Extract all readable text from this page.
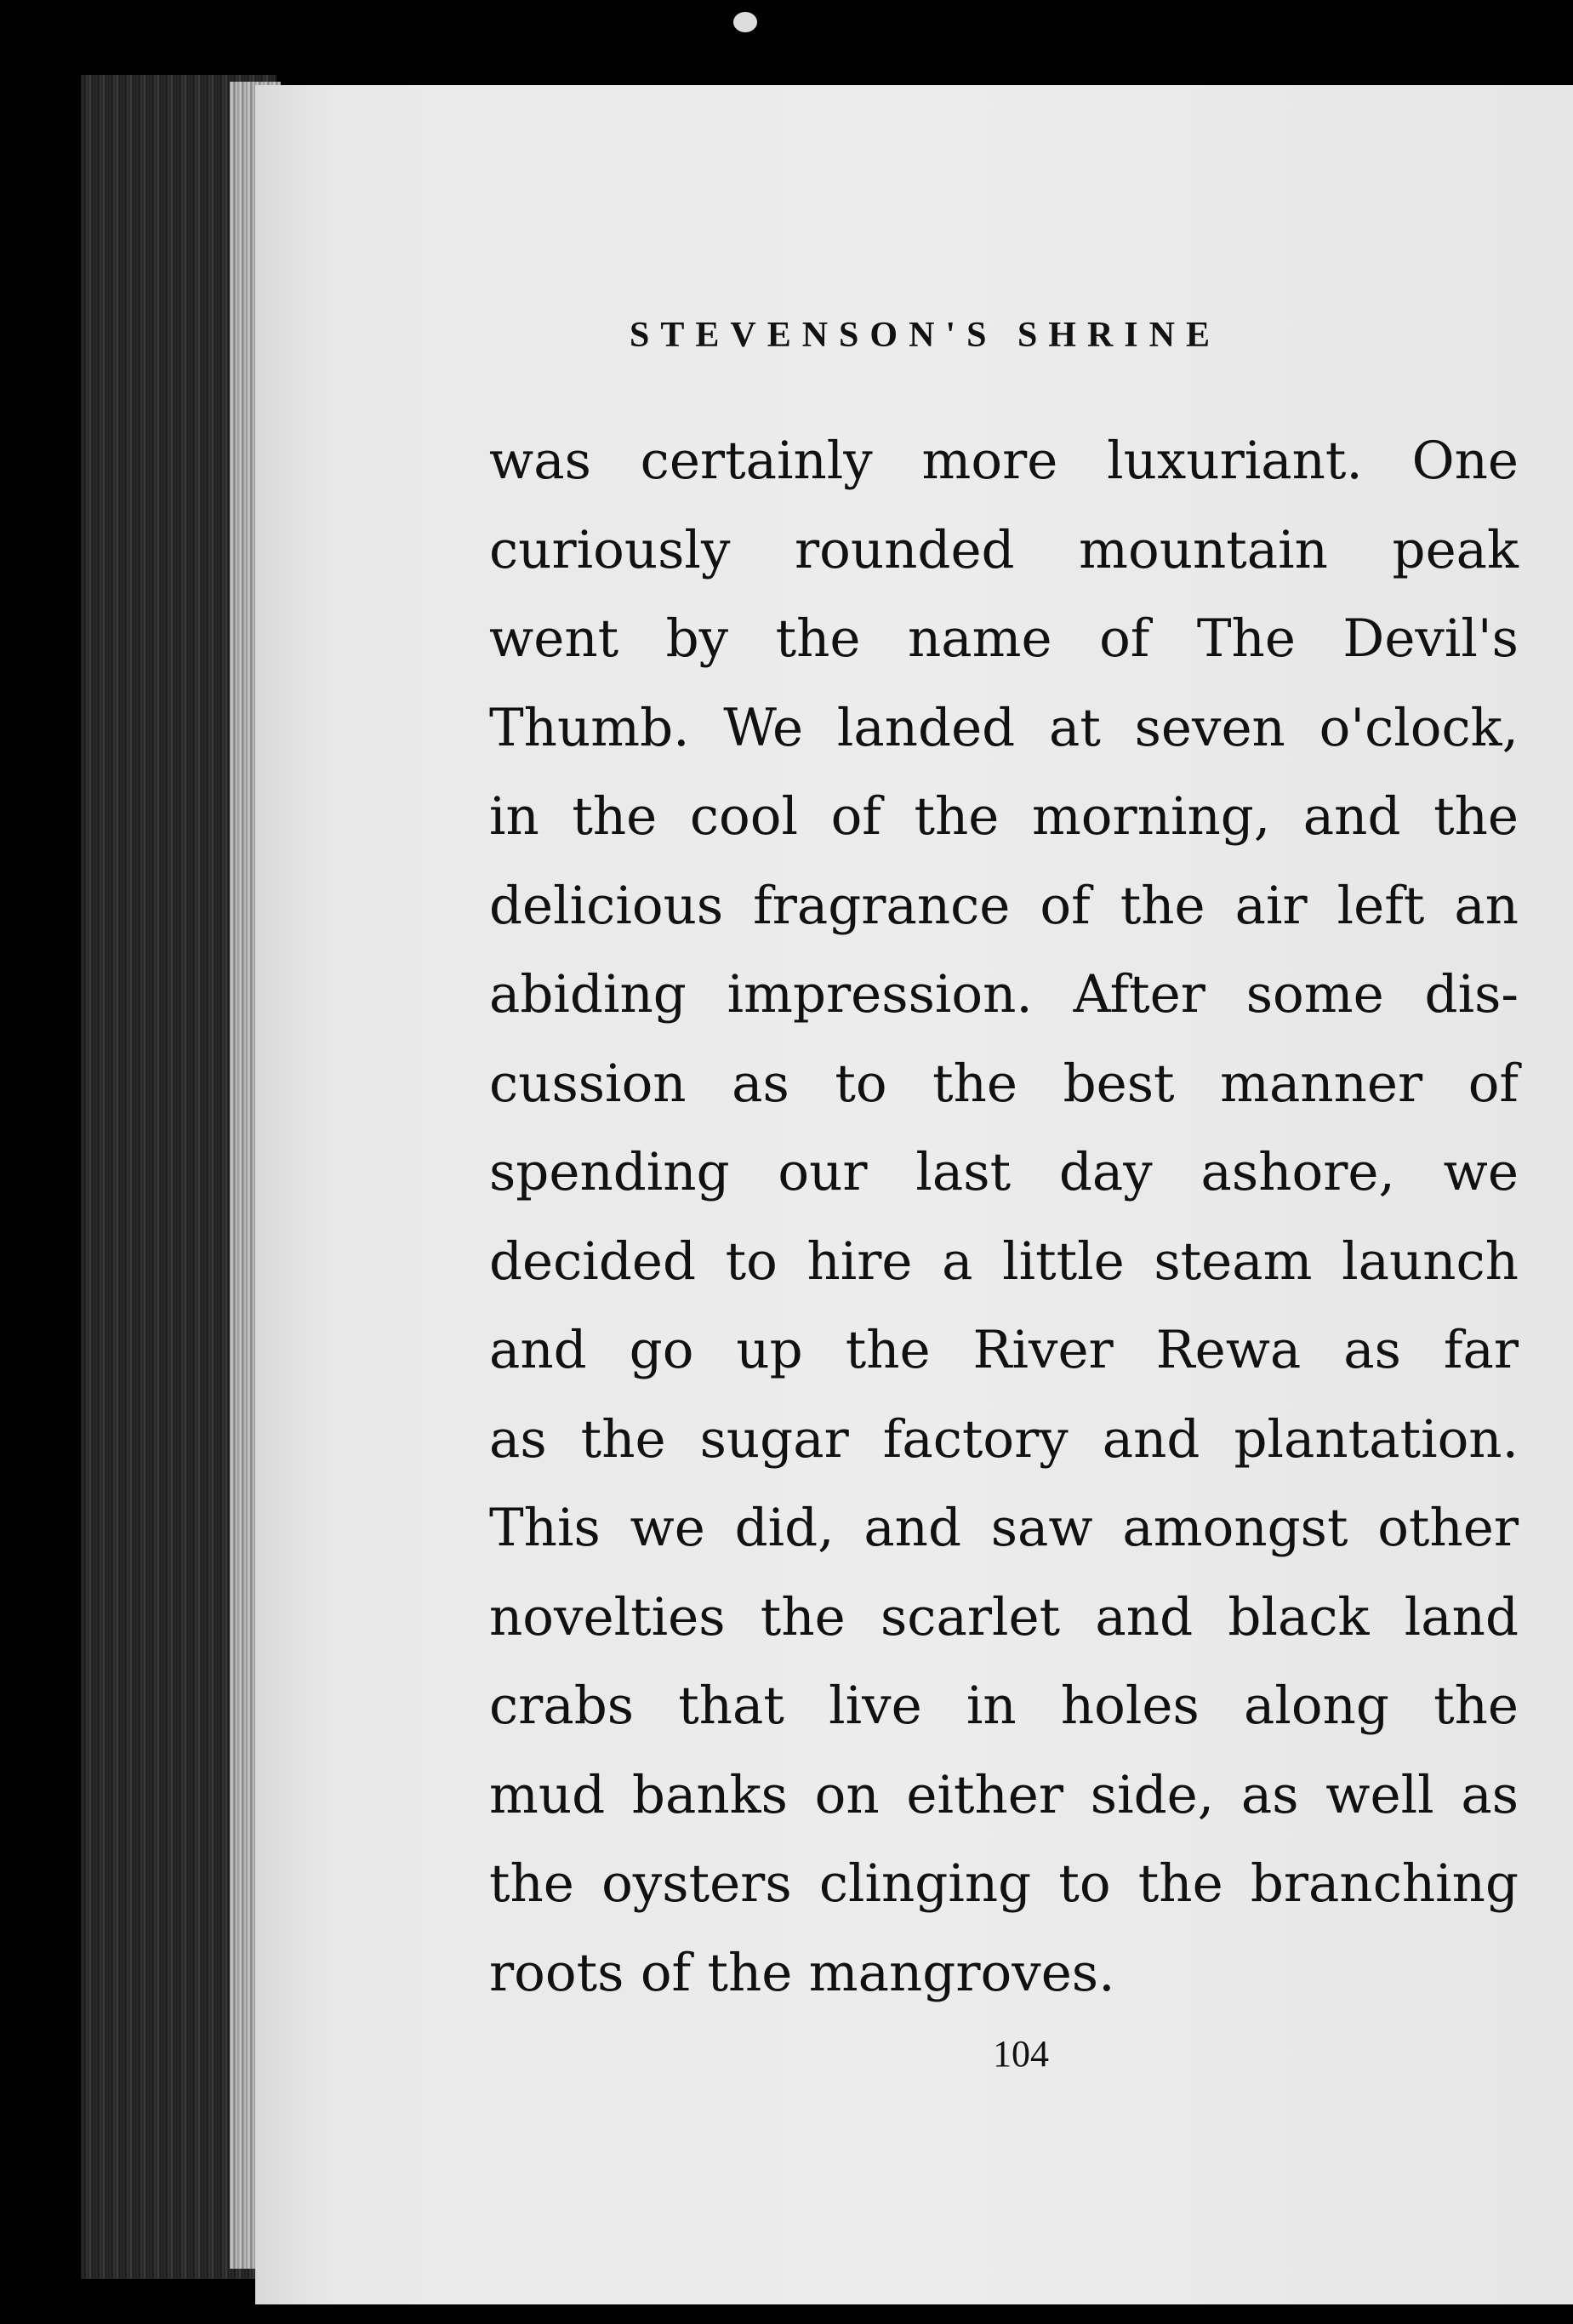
STEVENSON'S SHRINE
was certainly more luxuriant. One
curiously rounded mountain peak
went by the name of The Devil's
Thumb. We landed at seven o'clock,
in the cool of the morning, and the
delicious fragrance of the air left an
abiding impression. After some dis-
cussion as to the best manner of
spending our last day ashore, we
decided to hire a little steam launch
and go up the River Rewa as far
as the sugar factory and plantation.
This we did, and saw amongst other
novelties the scarlet and black land
crabs that live in holes along the
mud banks on either side, as well as
the oysters clinging to the branching
roots of the mangroves.
104
